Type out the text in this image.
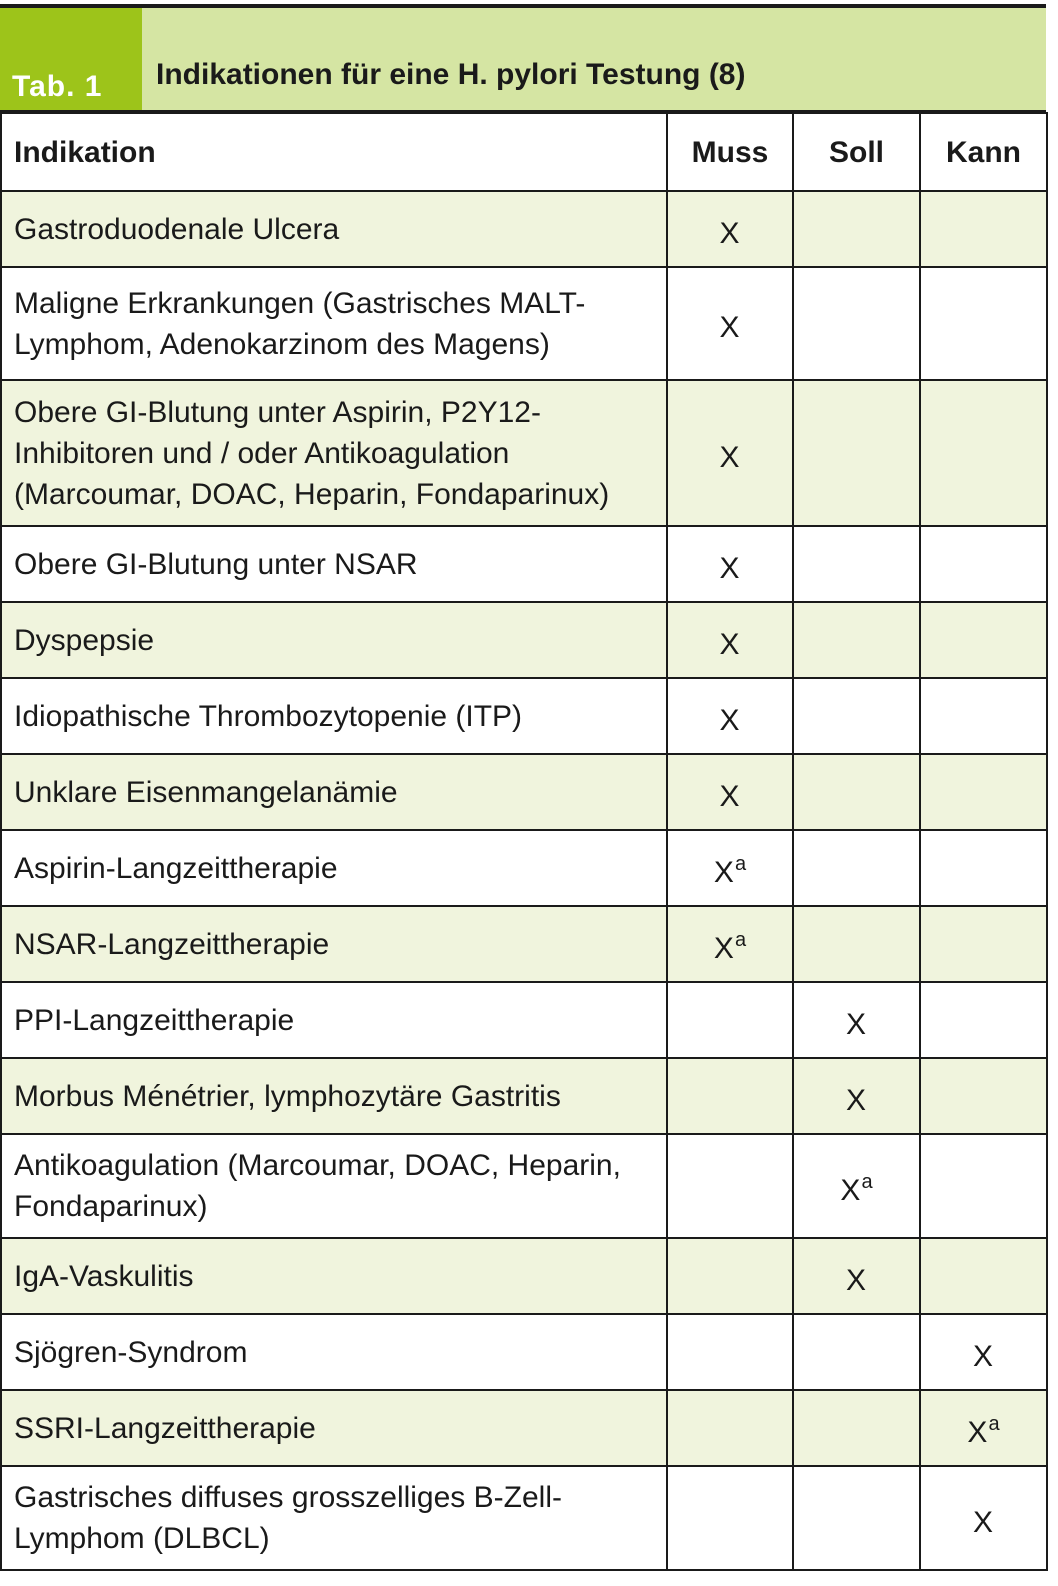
Tab. 1	Indikationen für eine H. pylori Testung (8)
Indikation	Muss	Soll	Kann
Gastroduodenale Ulcera	X		
Maligne Erkrankungen (Gastrisches MALT-
Lymphom, Adenokarzinom des Magens)	X		
Obere GI-Blutung unter Aspirin, P2Y12-
Inhibitoren und / oder Antikoagulation
(Marcoumar, DOAC, Heparin, Fondaparinux)	X		
Obere GI-Blutung unter NSAR	X		
Dyspepsie	X		
Idiopathische Thrombozytopenie (ITP)	X		
Unklare Eisenmangelanämie	X		
Aspirin-Langzeittherapie	$X^a$		
NSAR-Langzeittherapie	$X^a$		
PPI-Langzeittherapie		X	
Morbus Ménétrier, lymphozytäre Gastritis		X	
Antikoagulation (Marcoumar, DOAC, Heparin,
Fondaparinux)		$X^a$	
IgA-Vaskulitis		X	
Sjögren-Syndrom			X
SSRI-Langzeittherapie			$X^a$
Gastrisches diffuses grosszelliges B-Zell-
Lymphom (DLBCL)			X
